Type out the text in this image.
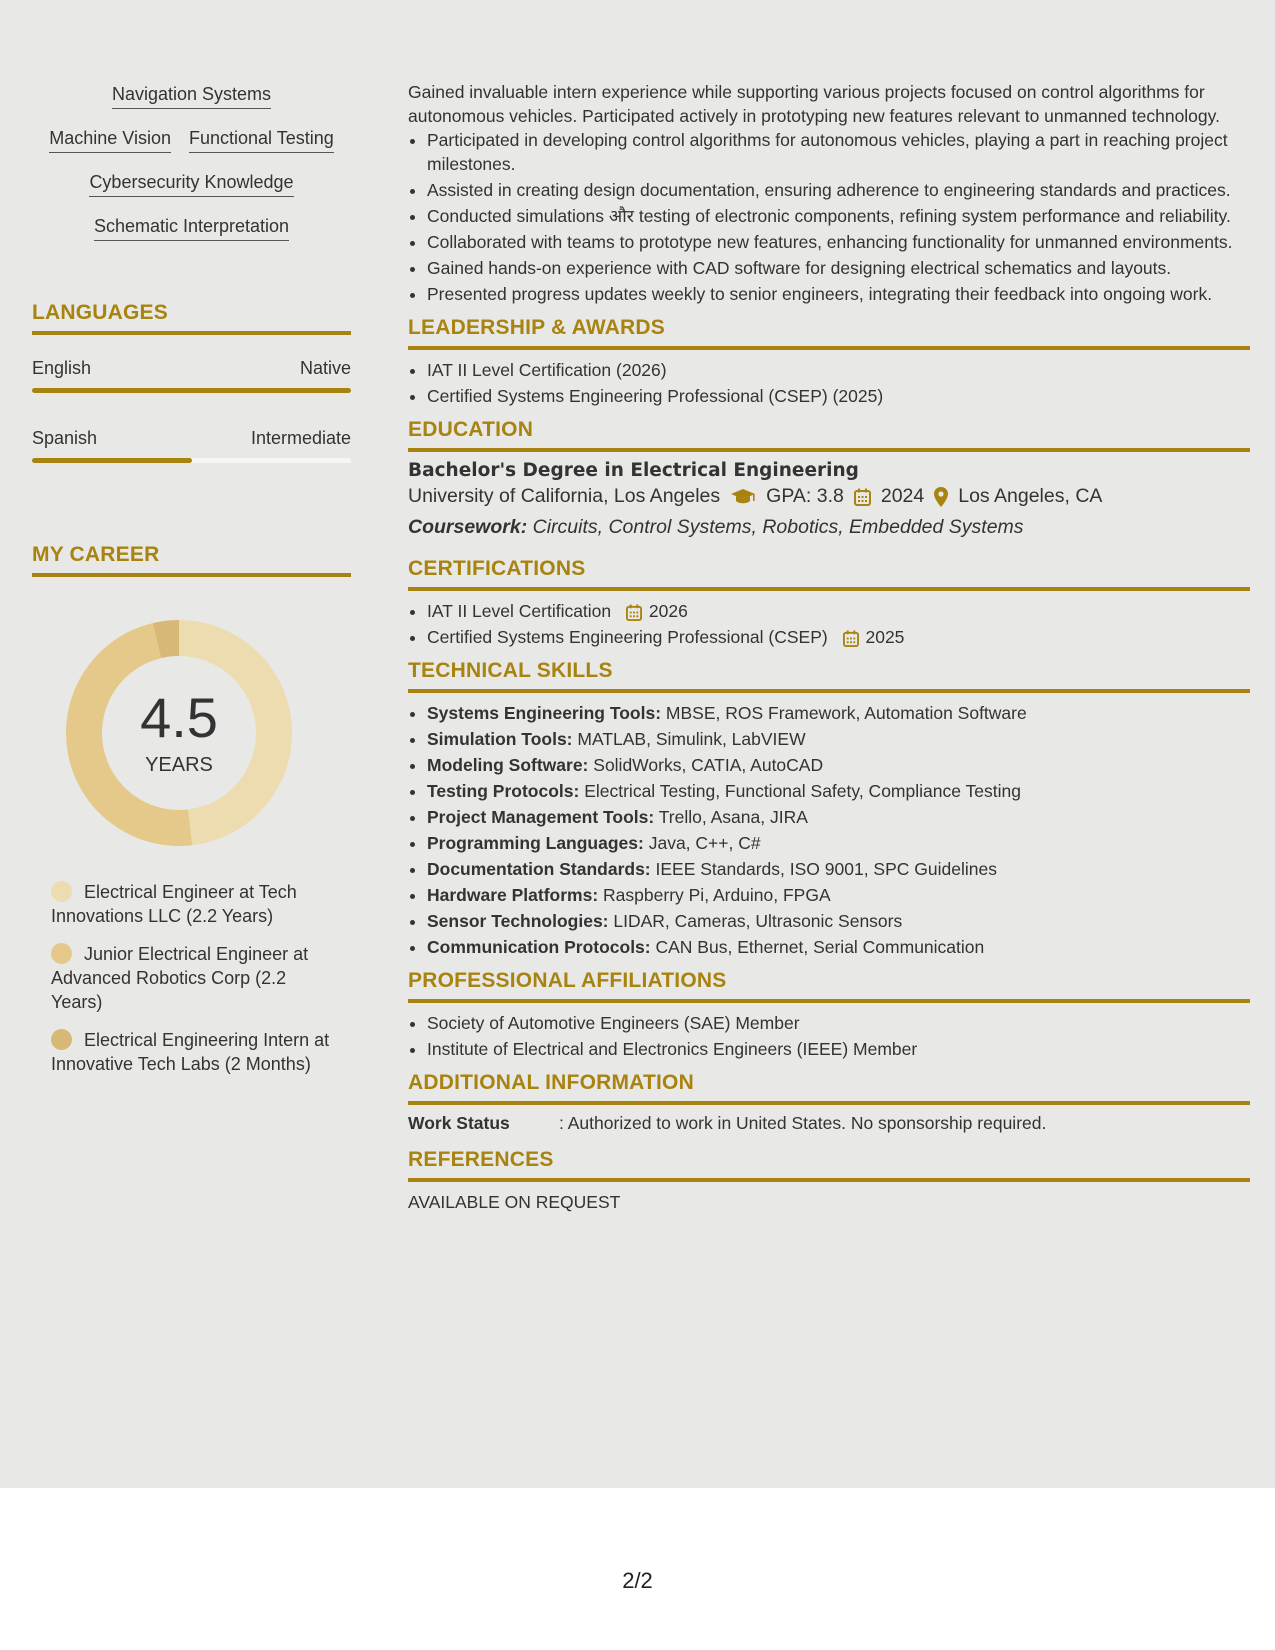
Navigation Systems
Machine Vision Functional Testing
Cybersecurity Knowledge
Schematic Interpretation
LANGUAGES
English	Native
Spanish	Intermediate
MY CAREER
4.5
YEARS
Electrical Engineer at Tech Innovations LLC (2.2 Years)
Junior Electrical Engineer at Advanced Robotics Corp (2.2 Years)
Electrical Engineering Intern at Innovative Tech Labs (2 Months)

Gained invaluable intern experience while supporting various projects focused on control algorithms for autonomous vehicles. Participated actively in prototyping new features relevant to unmanned technology.

• Participated in developing control algorithms for autonomous vehicles, playing a part in reaching project milestones.
• Assisted in creating design documentation, ensuring adherence to engineering standards and practices.
• Conducted simulations और testing of electronic components, refining system performance and reliability.
• Collaborated with teams to prototype new features, enhancing functionality for unmanned environments.
• Gained hands-on experience with CAD software for designing electrical schematics and layouts.
• Presented progress updates weekly to senior engineers, integrating their feedback into ongoing work.
LEADERSHIP & AWARDS
• IAT II Level Certification (2026)
• Certified Systems Engineering Professional (CSEP) (2025)
EDUCATION
Bachelor's Degree in Electrical Engineering
University of California, Los Angeles GPA: 3.8 2024 Los Angeles, CA
Coursework: Circuits, Control Systems, Robotics, Embedded Systems
CERTIFICATIONS
• IAT II Level Certification 2026
• Certified Systems Engineering Professional (CSEP) 2025
TECHNICAL SKILLS
• Systems Engineering Tools: MBSE, ROS Framework, Automation Software
• Simulation Tools: MATLAB, Simulink, LabVIEW
• Modeling Software: SolidWorks, CATIA, AutoCAD
• Testing Protocols: Electrical Testing, Functional Safety, Compliance Testing
• Project Management Tools: Trello, Asana, JIRA
• Programming Languages: Java, C++, C#
• Documentation Standards: IEEE Standards, ISO 9001, SPC Guidelines
• Hardware Platforms: Raspberry Pi, Arduino, FPGA
• Sensor Technologies: LIDAR, Cameras, Ultrasonic Sensors
• Communication Protocols: CAN Bus, Ethernet, Serial Communication
PROFESSIONAL AFFILIATIONS
• Society of Automotive Engineers (SAE) Member
• Institute of Electrical and Electronics Engineers (IEEE) Member
ADDITIONAL INFORMATION
Work Status	: Authorized to work in United States. No sponsorship required.
REFERENCES
AVAILABLE ON REQUEST
2/2
